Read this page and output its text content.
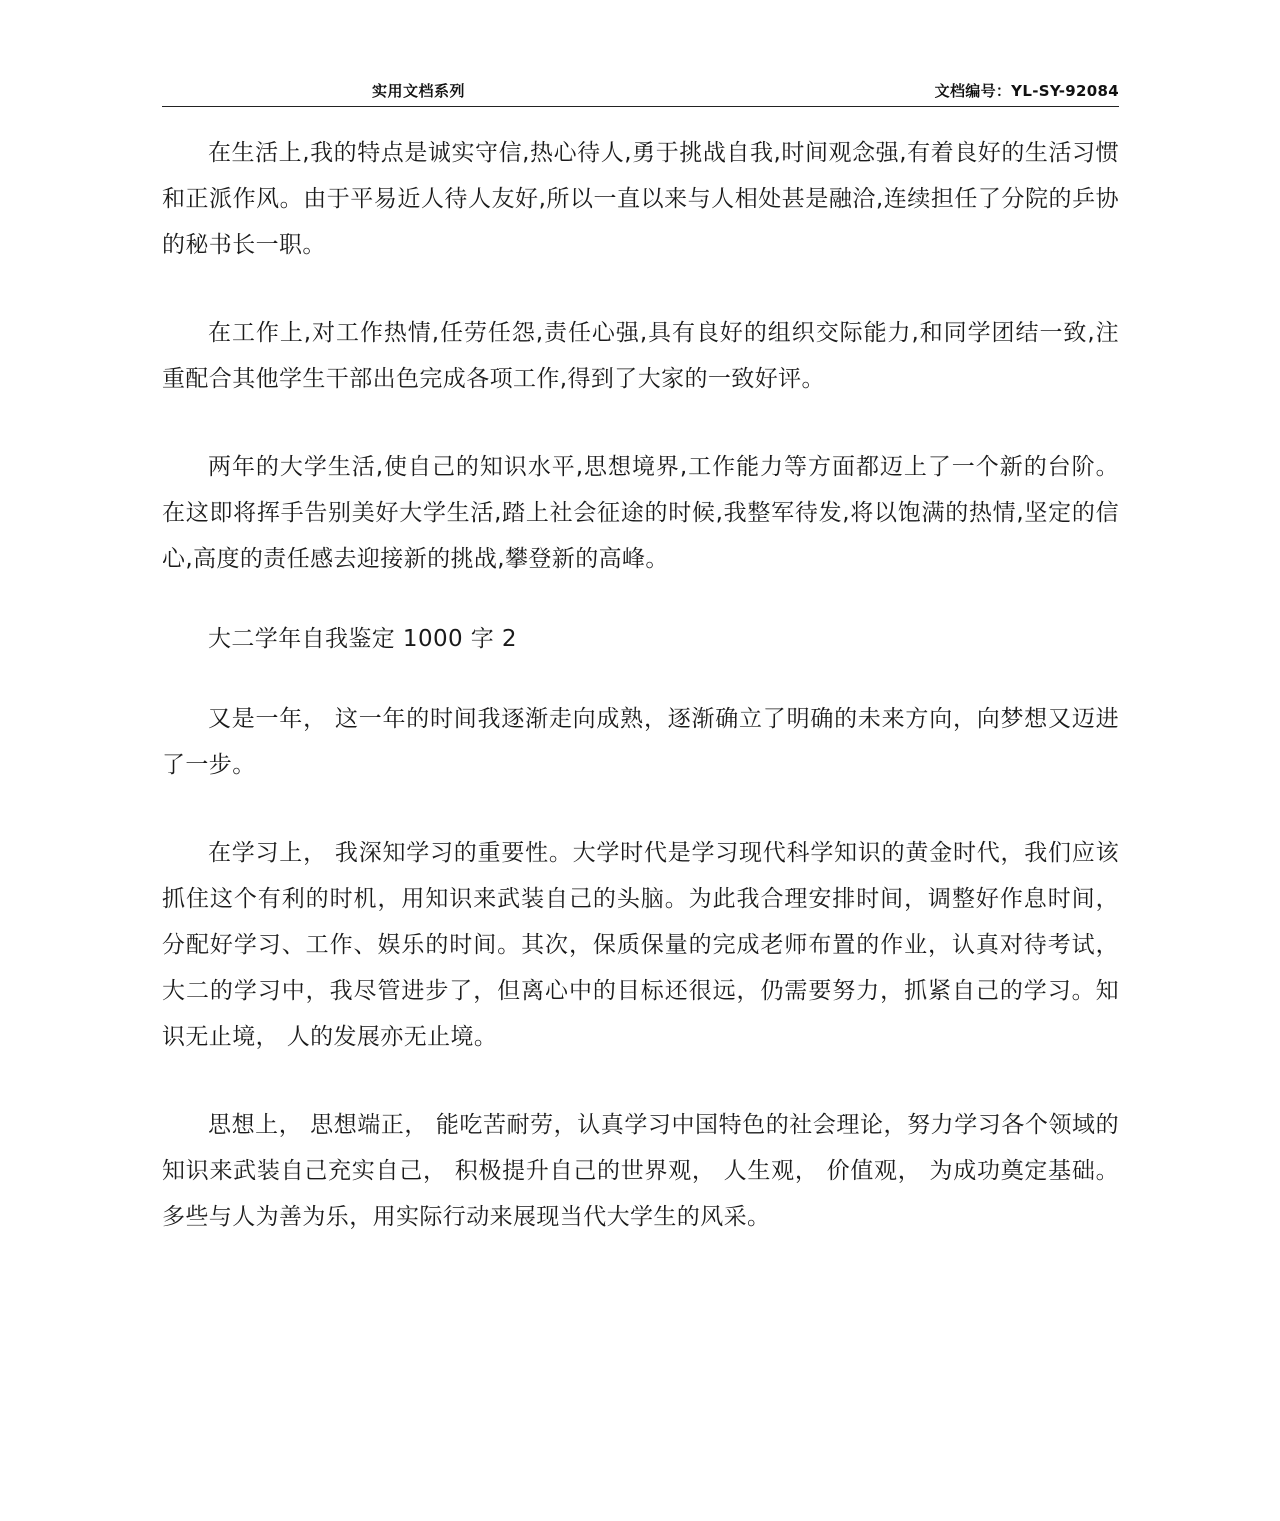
实用文档系列	文档编号：YL-SY-92084

在生活上,我的特点是诚实守信,热心待人,勇于挑战自我,时间观念强,有着良好的生活习惯和正派作风。由于平易近人待人友好,所以一直以来与人相处甚是融洽,连续担任了分院的乒协的秘书长一职。

在工作上,对工作热情,任劳任怨,责任心强,具有良好的组织交际能力,和同学团结一致,注重配合其他学生干部出色完成各项工作,得到了大家的一致好评。

两年的大学生活,使自己的知识水平,思想境界,工作能力等方面都迈上了一个新的台阶。在这即将挥手告别美好大学生活,踏上社会征途的时候,我整军待发,将以饱满的热情,坚定的信心,高度的责任感去迎接新的挑战,攀登新的高峰。

大二学年自我鉴定 1000 字 2

又是一年， 这一年的时间我逐渐走向成熟，逐渐确立了明确的未来方向，向梦想又迈进了一步。

在学习上， 我深知学习的重要性。大学时代是学习现代科学知识的黄金时代，我们应该抓住这个有利的时机，用知识来武装自己的头脑。为此我合理安排时间，调整好作息时间， 分配好学习、工作、娱乐的时间。其次，保质保量的完成老师布置的作业，认真对待考试，大二的学习中，我尽管进步了，但离心中的目标还很远，仍需要努力，抓紧自己的学习。知识无止境， 人的发展亦无止境。

思想上， 思想端正， 能吃苦耐劳，认真学习中国特色的社会理论，努力学习各个领域的知识来武装自己充实自己， 积极提升自己的世界观， 人生观， 价值观， 为成功奠定基础。多些与人为善为乐，用实际行动来展现当代大学生的风采。
